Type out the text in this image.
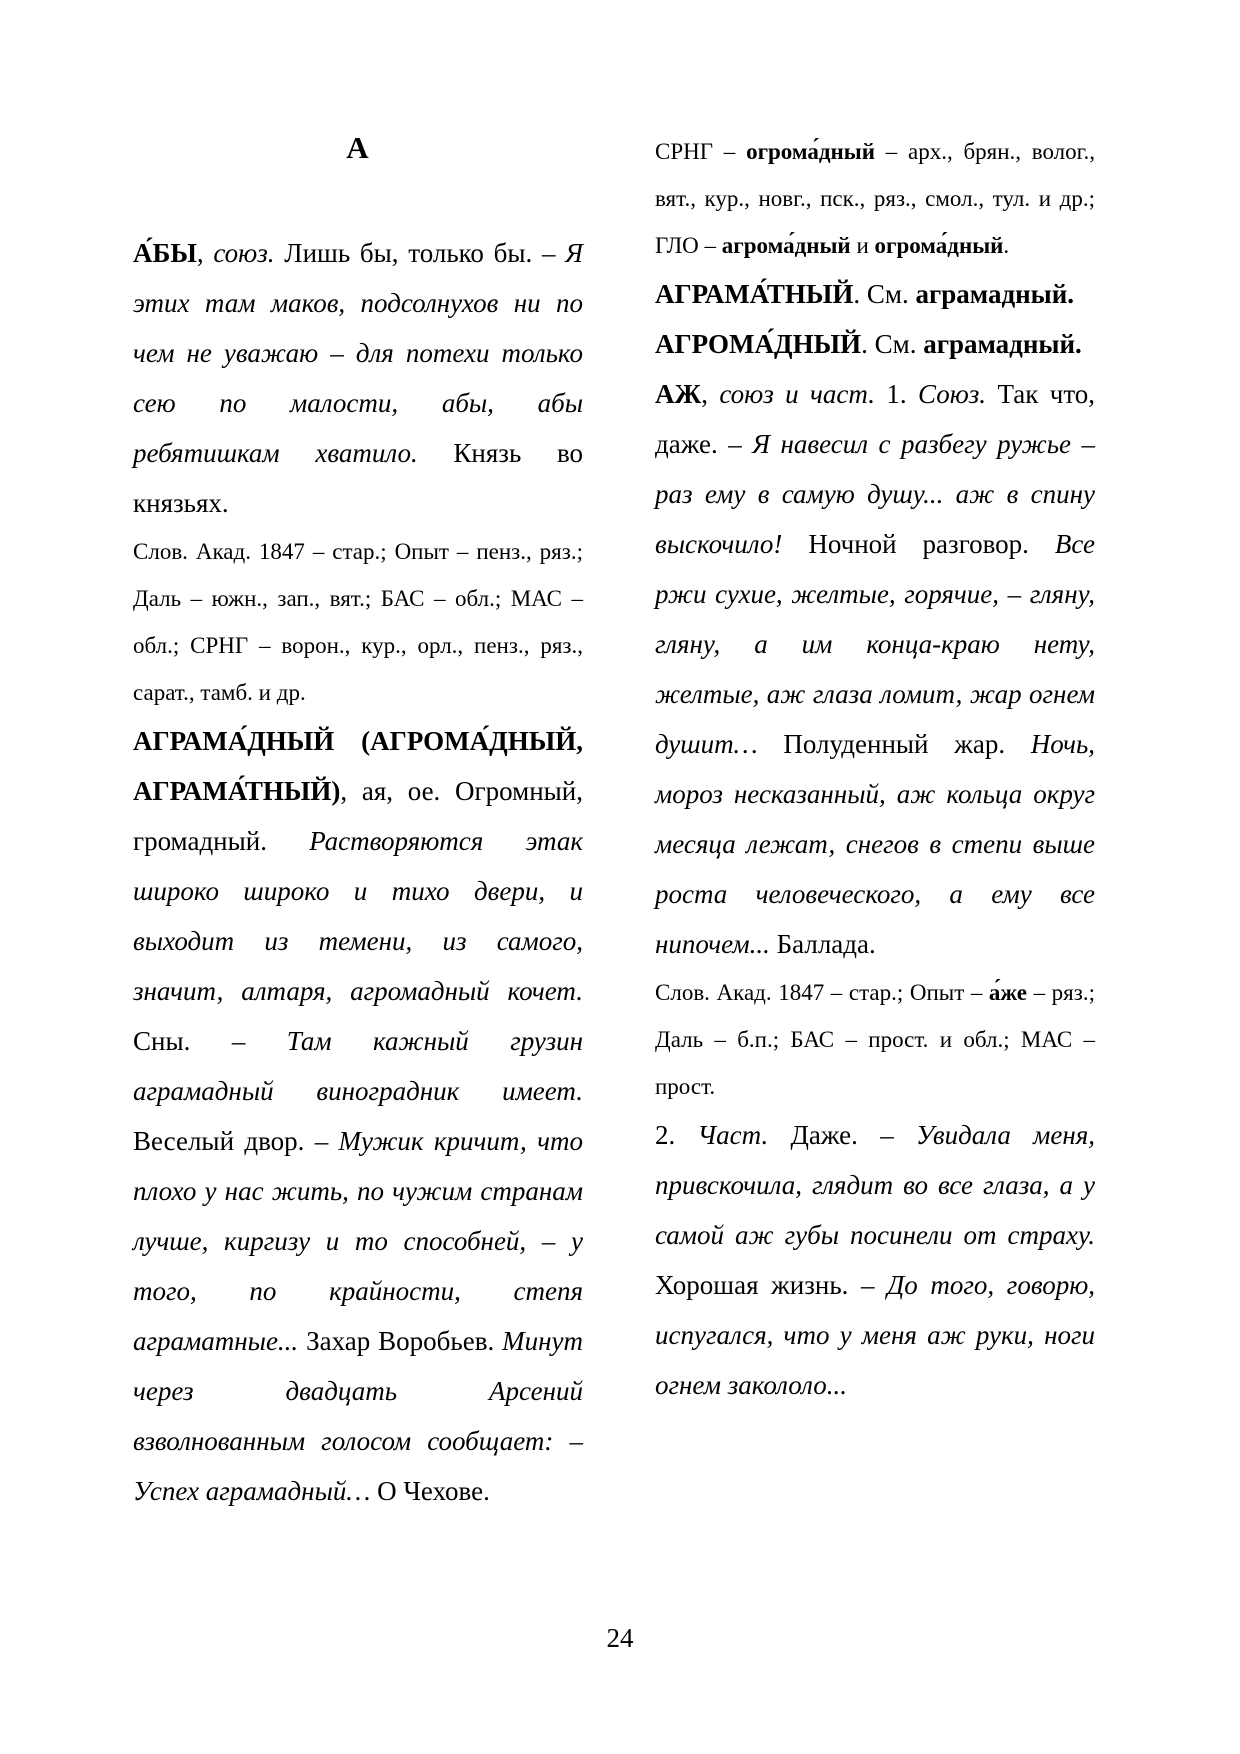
А

А́БЫ, союз. Лишь бы, только бы. – Я этих там маков, подсолнухов ни по чем не уважаю – для потехи только сею по малости, абы, абы ребятишкам хватило. Князь во князьях.

Слов. Акад. 1847 – стар.; Опыт – пенз., ряз.; Даль – южн., зап., вят.; БАС – обл.; МАС – обл.; СРНГ – ворон., кур., орл., пенз., ряз., сарат., тамб. и др.

АГРАМА́ДНЫЙ (АГРОМА́ДНЫЙ, АГРАМА́ТНЫЙ), ая, ое. Огромный, громадный. Растворяются этак широко широко и тихо двери, и выходит из темени, из самого, значит, алтаря, агромадный кочет. Сны. – Там кажный грузин аграмадный виноградник имеет. Веселый двор. – Мужик кричит, что плохо у нас жить, по чужим странам лучше, киргизу и то способней, – у того, по крайности, степя аграматные... Захар Воробьев. Минут через двадцать Арсений взволнованным голосом сообщает: – Успех аграмадный… О Чехове.

СРНГ – огрома́дный – арх., брян., волог., вят., кур., новг., пск., ряз., смол., тул. и др.; ГЛО – агрома́дный и огрома́дный.

АГРАМА́ТНЫЙ. См. аграмадный.

АГРОМА́ДНЫЙ. См. аграмадный.

АЖ, союз и част. 1. Союз. Так что, даже. – Я навесил с разбегу ружье – раз ему в самую душу... аж в спину выскочило! Ночной разговор. Все ржи сухие, желтые, горячие, – гляну, гляну, а им конца-краю нету, желтые, аж глаза ломит, жар огнем душит… Полуденный жар. Ночь, мороз несказанный, аж кольца округ месяца лежат, снегов в степи выше роста человеческого, а ему все нипочем... Баллада.

Слов. Акад. 1847 – стар.; Опыт – а́же – ряз.; Даль – б.п.; БАС – прост. и обл.; МАС – прост.

2. Част. Даже. – Увидала меня, привскочила, глядит во все глаза, а у самой аж губы посинели от страху. Хорошая жизнь. – До того, говорю, испугался, что у меня аж руки, ноги огнем закололо...

24
